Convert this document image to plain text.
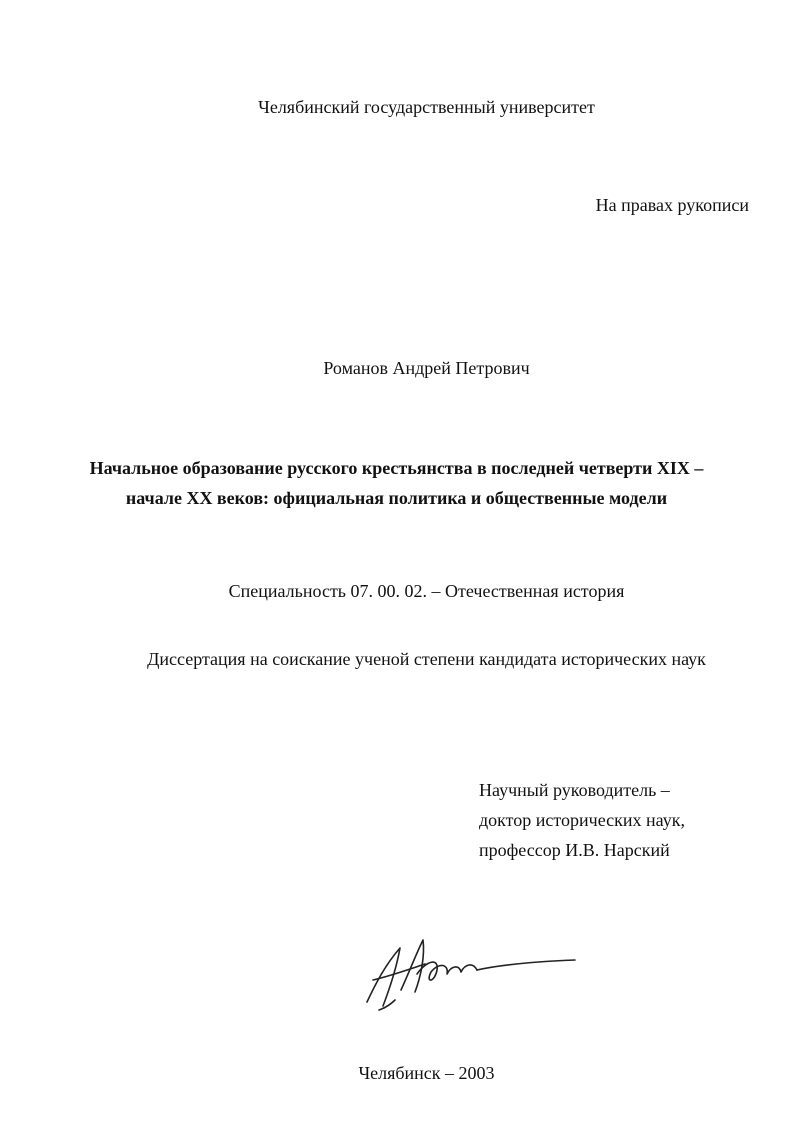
Челябинский государственный университет
На правах рукописи
Романов Андрей Петрович
Начальное образование русского крестьянства в последней четверти XIX –
начале XX веков: официальная политика и общественные модели
Специальность 07. 00. 02. – Отечественная история
Диссертация на соискание ученой степени кандидата исторических наук
Научный руководитель –
доктор исторических наук,
профессор И.В. Нарский
Челябинск – 2003
